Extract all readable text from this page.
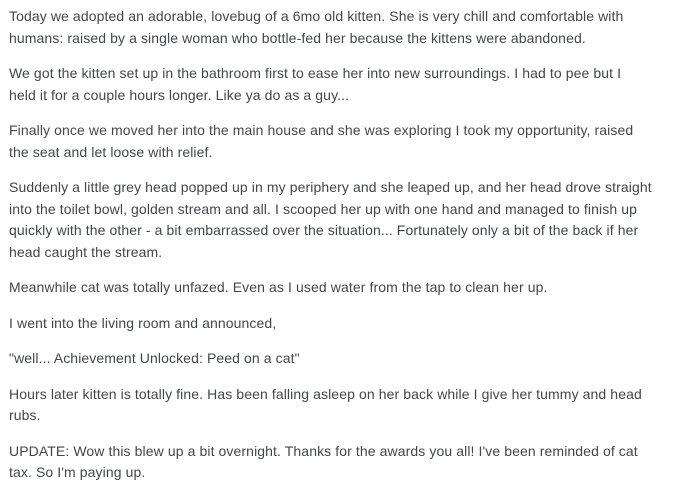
Today we adopted an adorable, lovebug of a 6mo old kitten. She is very chill and comfortable with
humans: raised by a single woman who bottle-fed her because the kittens were abandoned.

We got the kitten set up in the bathroom first to ease her into new surroundings. I had to pee but I
held it for a couple hours longer. Like ya do as a guy...

Finally once we moved her into the main house and she was exploring I took my opportunity, raised
the seat and let loose with relief.

Suddenly a little grey head popped up in my periphery and she leaped up, and her head drove straight
into the toilet bowl, golden stream and all. I scooped her up with one hand and managed to finish up
quickly with the other - a bit embarrassed over the situation... Fortunately only a bit of the back if her
head caught the stream.

Meanwhile cat was totally unfazed. Even as I used water from the tap to clean her up.

I went into the living room and announced,

"well... Achievement Unlocked: Peed on a cat"

Hours later kitten is totally fine. Has been falling asleep on her back while I give her tummy and head
rubs.

UPDATE: Wow this blew up a bit overnight. Thanks for the awards you all! I've been reminded of cat
tax. So I'm paying up.
